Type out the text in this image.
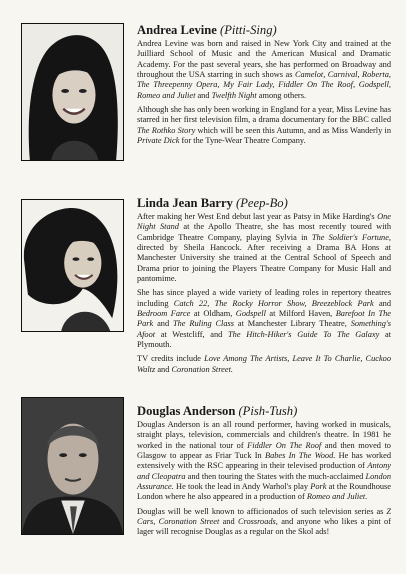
Andrea Levine (Pitti-Sing)

Andrea Levine was born and raised in New York City and trained at the Juilliard School of Music and the American Musical and Dramatic Academy. For the past several years, she has performed on Broadway and throughout the USA starring in such shows as Camelot, Carnival, Roberta, The Threepenny Opera, My Fair Lady, Fiddler On The Roof, Godspell, Romeo and Juliet and Twelfth Night among others.

Although she has only been working in England for a year, Miss Levine has starred in her first television film, a drama documentary for the BBC called The Rothko Story which will be seen this Autumn, and as Miss Wanderly in Private Dick for the Tyne-Wear Theatre Company.

Linda Jean Barry (Peep-Bo)

After making her West End debut last year as Patsy in Mike Harding's One Night Stand at the Apollo Theatre, she has most recently toured with Cambridge Theatre Company, playing Sylvia in The Soldier's Fortune, directed by Sheila Hancock. After receiving a Drama BA Hons at Manchester University she trained at the Central School of Speech and Drama prior to joining the Players Theatre Company for Music Hall and pantomime.

She has since played a wide variety of leading roles in repertory theatres including Catch 22, The Rocky Horror Show, Breezeblock Park and Bedroom Farce at Oldham, Godspell at Milford Haven, Barefoot In The Park and The Ruling Class at Manchester Library Theatre, Something's Afoot at Westcliff, and The Hitch-Hiker's Guide To The Galaxy at Plymouth.

TV credits include Love Among The Artists, Leave It To Charlie, Cuckoo Waltz and Coronation Street.

Douglas Anderson (Pish-Tush)

Douglas Anderson is an all round performer, having worked in musicals, straight plays, television, commercials and children's theatre. In 1981 he worked in the national tour of Fiddler On The Roof and then moved to Glasgow to appear as Friar Tuck In Babes In The Wood. He has worked extensively with the RSC appearing in their televised production of Antony and Cleopatra and then touring the States with the much-acclaimed London Assurance. He took the lead in Andy Warhol's play Pork at the Roundhouse London where he also appeared in a production of Romeo and Juliet.

Douglas will be well known to afficionados of such television series as Z Cars, Coronation Street and Crossroads, and anyone who likes a pint of lager will recognise Douglas as a regular on the Skol ads!
